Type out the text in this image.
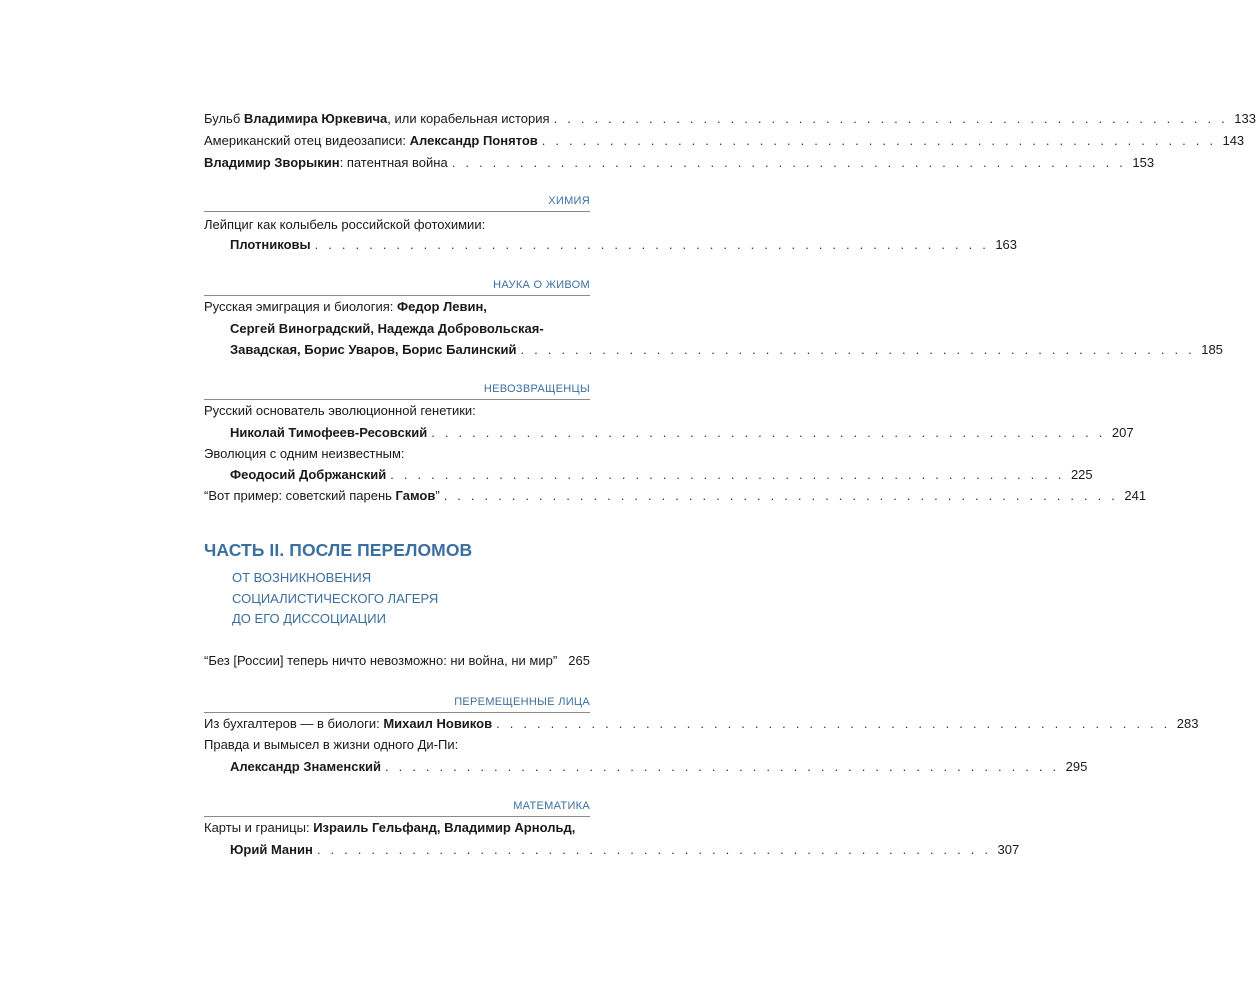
Бульб Владимира Юркевича, или корабельная история . . . . . . . . . . . . . . . . . . . . . . . . . . . . . . . . . . . . . . . . . . . . . . . . . . 133
Американский отец видеозаписи: Александр Понятов . . . . . . . . . . . . . . . . . . . . . . . . . . . . . . . . . . . . . . . . . . . . . . . . . . 143
Владимир Зворыкин: патентная война . . . . . . . . . . . . . . . . . . . . . . . . . . . . . . . . . . . . . . . . . . . . . . . . . . 153
ХИМИЯ
Лейпциг как колыбель российской фотохимии:
Плотниковы . . . . . . . . . . . . . . . . . . . . . . . . . . . . . . . . . . . . . . . . . . . . . . . . . . 163
НАУКА О ЖИВОМ
Русская эмиграция и биология: Федор Левин,
Сергей Виноградский, Надежда Добровольская-
Завадская, Борис Уваров, Борис Балинский . . . . . . . . . . . . . . . . . . . . . . . . . . . . . . . . . . . . . . . . . . . . . . . . . . 185
НЕВОЗВРАЩЕНЦЫ
Русский основатель эволюционной генетики:
Николай Тимофеев-Ресовский . . . . . . . . . . . . . . . . . . . . . . . . . . . . . . . . . . . . . . . . . . . . . . . . . . 207
Эволюция с одним неизвестным:
Феодосий Добржанский . . . . . . . . . . . . . . . . . . . . . . . . . . . . . . . . . . . . . . . . . . . . . . . . . . 225
“Вот пример: советский парень Гамов” . . . . . . . . . . . . . . . . . . . . . . . . . . . . . . . . . . . . . . . . . . . . . . . . . . 241
ЧАСТЬ II. ПОСЛЕ ПЕРЕЛОМОВ
ОТ ВОЗНИКНОВЕНИЯ
СОЦИАЛИСТИЧЕСКОГО ЛАГЕРЯ
ДО ЕГО ДИССОЦИАЦИИ
“Без [России] теперь ничто невозможно: ни война, ни мир” 265
ПЕРЕМЕЩЕННЫЕ ЛИЦА
Из бухгалтеров — в биологи: Михаил Новиков . . . . . . . . . . . . . . . . . . . . . . . . . . . . . . . . . . . . . . . . . . . . . . . . . . 283
Правда и вымысел в жизни одного Ди-Пи:
Александр Знаменский . . . . . . . . . . . . . . . . . . . . . . . . . . . . . . . . . . . . . . . . . . . . . . . . . . 295
МАТЕМАТИКА
Карты и границы: Израиль Гельфанд, Владимир Арнольд,
Юрий Манин . . . . . . . . . . . . . . . . . . . . . . . . . . . . . . . . . . . . . . . . . . . . . . . . . . 307
